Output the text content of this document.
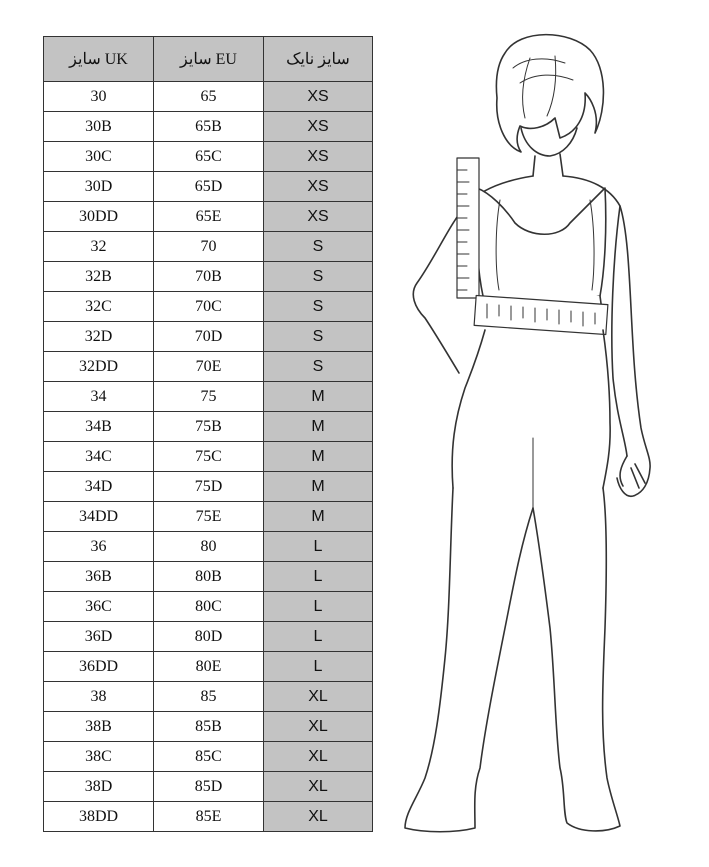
سایز UK	سایز EU	سایز نایک
30	65	XS
30B	65B	XS
30C	65C	XS
30D	65D	XS
30DD	65E	XS
32	70	S
32B	70B	S
32C	70C	S
32D	70D	S
32DD	70E	S
34	75	M
34B	75B	M
34C	75C	M
34D	75D	M
34DD	75E	M
36	80	L
36B	80B	L
36C	80C	L
36D	80D	L
36DD	80E	L
38	85	XL
38B	85B	XL
38C	85C	XL
38D	85D	XL
38DD	85E	XL
